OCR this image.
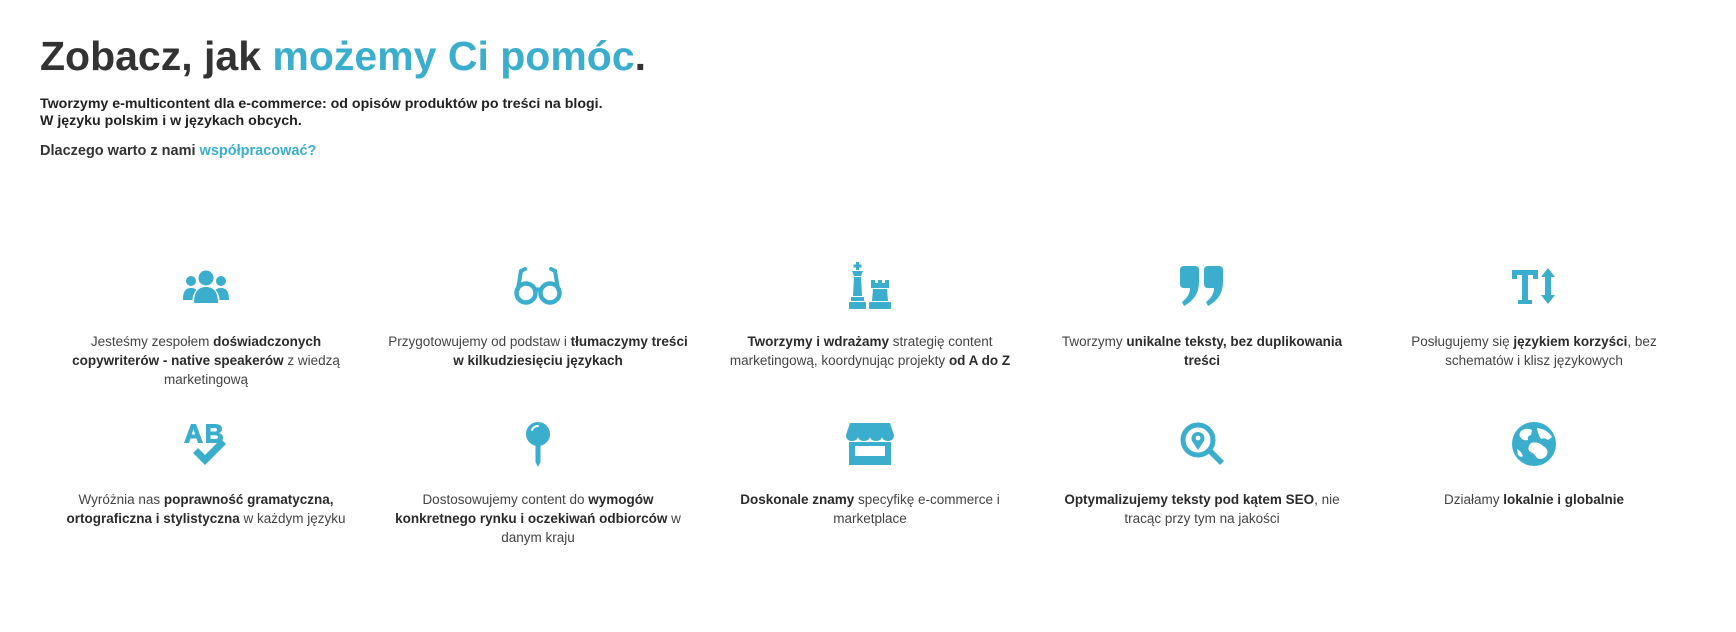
Zobacz, jak możemy Ci pomóc.

Tworzymy e-multicontent dla e-commerce: od opisów produktów po treści na blogi.
W języku polskim i w językach obcych.

Dlaczego warto z nami współpracować?

Jesteśmy zespołem doświadczonych copywriterów - native speakerów z wiedzą marketingową
Przygotowujemy od podstaw i tłumaczymy treści w kilkudziesięciu językach
Tworzymy i wdrażamy strategię content marketingową, koordynując projekty od A do Z
Tworzymy unikalne teksty, bez duplikowania treści
Posługujemy się językiem korzyści, bez schematów i klisz językowych
Wyróżnia nas poprawność gramatyczna, ortograficzna i stylistyczna w każdym języku
Dostosowujemy content do wymogów konkretnego rynku i oczekiwań odbiorców w danym kraju
Doskonale znamy specyfikę e-commerce i marketplace
Optymalizujemy teksty pod kątem SEO, nie tracąc przy tym na jakości
Działamy lokalnie i globalnie
